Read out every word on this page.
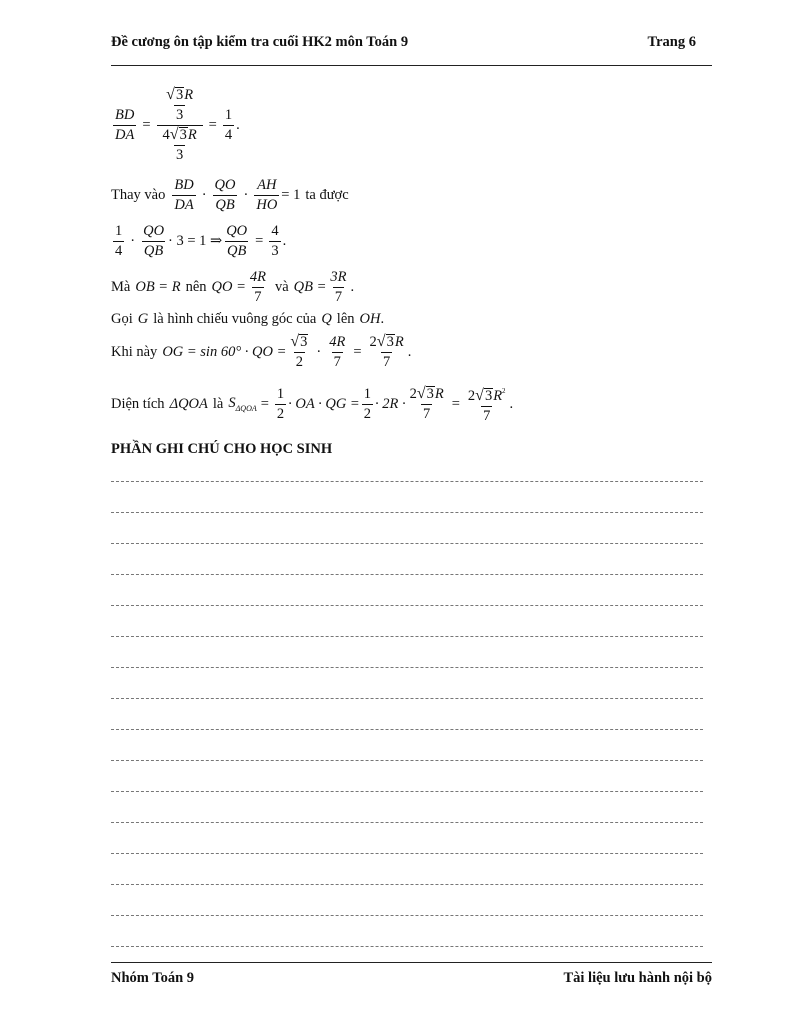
Đề cương ôn tập kiểm tra cuối HK2 môn Toán 9	Trang 6
$\frac{BD}{DA} = \frac{\frac{√ 3 R}{3}}{\frac{4 √ 3 R}{3}} = \frac{1}{4}$ .
Thay vào $\frac{BD}{DA} \cdot \frac{QO}{QB} \cdot \frac{AH}{HO} = 1$ ta được
$\frac{1}{4} \cdot \frac{QO}{QB} \cdot 3 = 1$ ⇒ $\frac{QO}{QB} = \frac{4}{3}$ .
Mà OB = R nên QO = $\frac{4R}{7}$ và QB = $\frac{3R}{7}$ .
Gọi G là hình chiếu vuông góc của Q lên OH .
Khi này OG = sin 60° · QO = $\frac{√ 3}{2} \cdot \frac{4R}{7} = \frac{2 √ 3 R}{7}$ .
Diện tích ΔQOA là $S_{\Delta QOA} = \frac{1}{2}$ · OA · QG = $\frac{1}{2} \cdot 2R \cdot \frac{2 √ 3 R}{7} = \frac{2 √ 3 R^2}{7}$ .
PHẦN GHI CHÚ CHO HỌC SINH
Nhóm Toán 9	Tài liệu lưu hành nội bộ
